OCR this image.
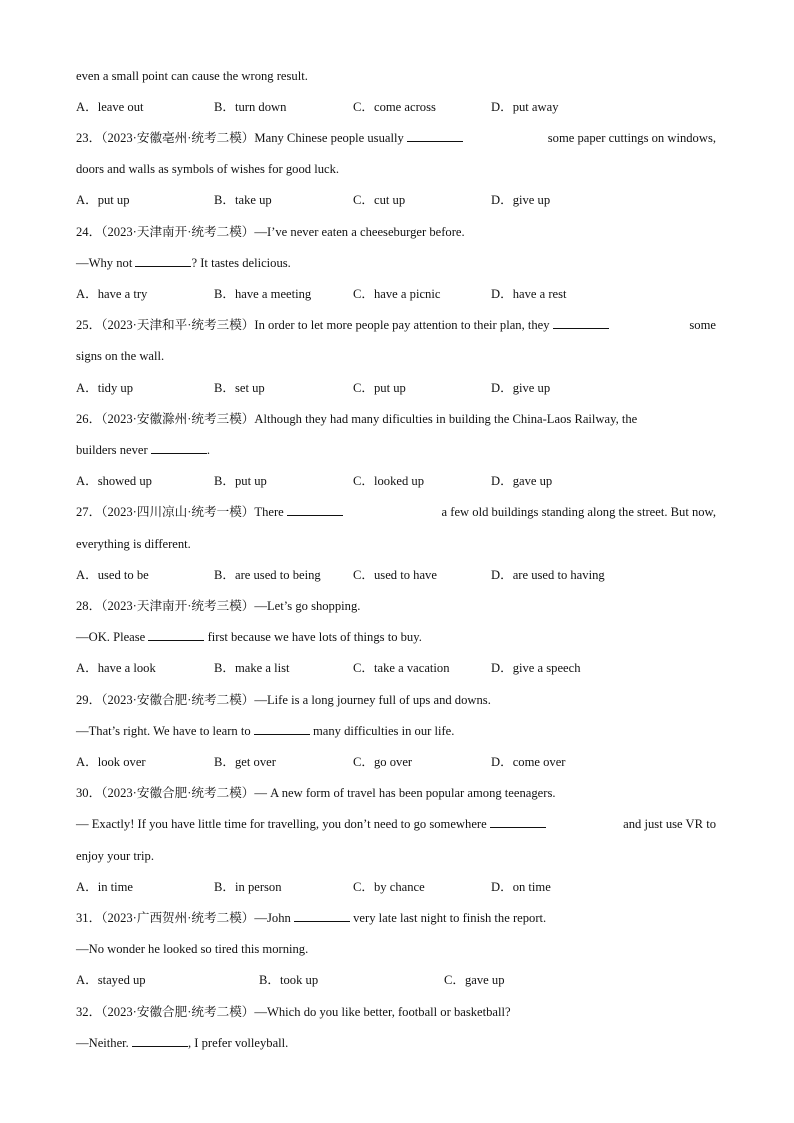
even a small point can cause the wrong result.
A．leave out	B．turn down	C．come across	D．put away
23．（2023·安徽亳州·统考二模）Many Chinese people usually	some paper cuttings on windows,
doors and walls as symbols of wishes for good luck.
A．put up	B．take up	C．cut up	D．give up
24．（2023·天津南开·统考二模）—I’ve never eaten a cheeseburger before.
—Why not	? It tastes delicious.
A．have a try	B．have a meeting	C．have a picnic	D．have a rest
25．（2023·天津和平·统考三模）In order to let more people pay attention to their plan, they	some
signs on the wall.
A．tidy up	B．set up	C．put up	D．give up
26．（2023·安徽滁州·统考三模）Although they had many dificulties in building the China-Laos Railway, the
builders never	.
A．showed up	B．put up	C．looked up	D．gave up
27．（2023·四川凉山·统考一模）There	a few old buildings standing along the street. But now,
everything is different.
A．used to be	B．are used to being	C．used to have	D．are used to having
28．（2023·天津南开·统考三模）—Let’s go shopping.
—OK. Please	first because we have lots of things to buy.
A．have a look	B．make a list	C．take a vacation	D．give a speech
29．（2023·安徽合肥·统考二模）—Life is a long journey full of ups and downs.
—That’s right. We have to learn to	many difficulties in our life.
A．look over	B．get over	C．go over	D．come over
30．（2023·安徽合肥·统考二模）— A new form of travel has been popular among teenagers.
— Exactly! If you have little time for travelling, you don’t need to go somewhere	and just use VR to
enjoy your trip.
A．in time	B．in person	C．by chance	D．on time
31．（2023·广西贺州·统考二模）—John	very late last night to finish the report.
—No wonder he looked so tired this morning.
A．stayed up	B．took up	C．gave up
32．（2023·安徽合肥·统考二模）—Which do you like better, football or basketball?
—Neither.	, I prefer volleyball.
